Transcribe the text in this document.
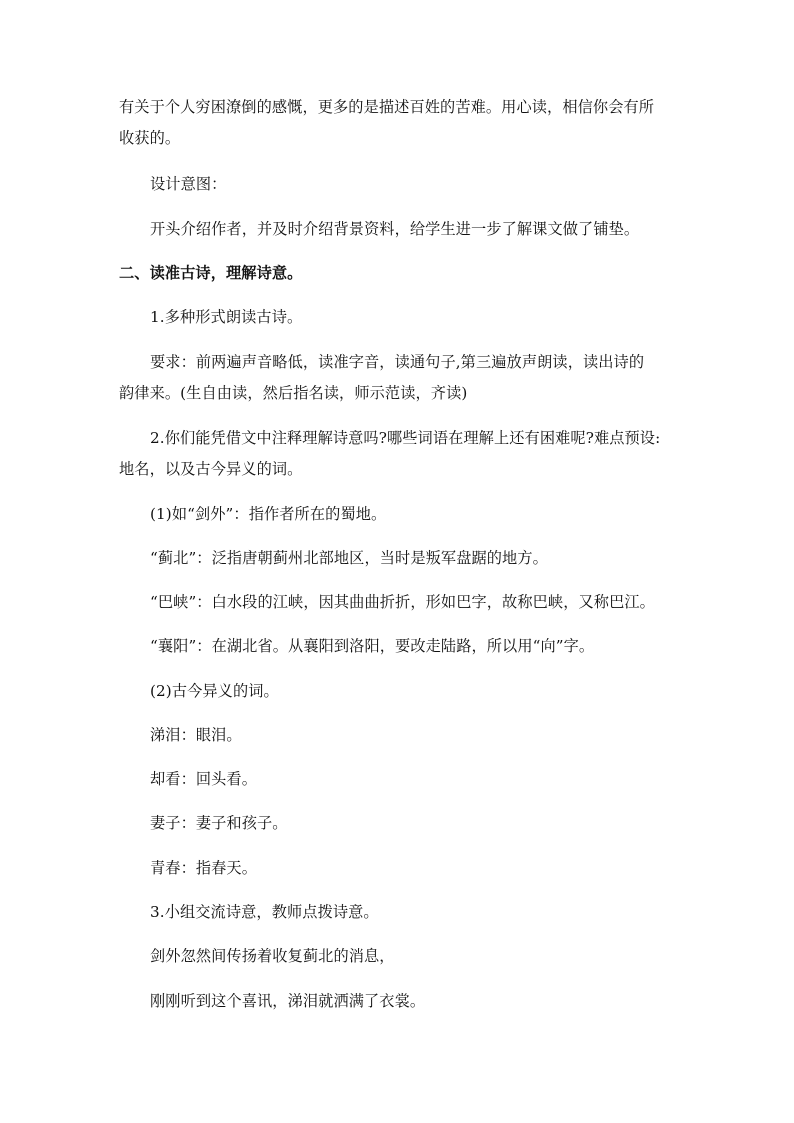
有关于个人穷困潦倒的感慨，更多的是描述百姓的苦难。用心读，相信你会有所
收获的。
设计意图：
开头介绍作者，并及时介绍背景资料，给学生进一步了解课文做了铺垫。
二、读准古诗，理解诗意。
1.多种形式朗读古诗。
要求：前两遍声音略低，读准字音，读通句子,第三遍放声朗读，读出诗的
韵律来。(生自由读，然后指名读，师示范读，齐读)
2.你们能凭借文中注释理解诗意吗?哪些词语在理解上还有困难呢?难点预设:
地名，以及古今异义的词。
(1)如“剑外”：指作者所在的蜀地。
“蓟北”：泛指唐朝蓟州北部地区，当时是叛军盘踞的地方。
“巴峡”：白水段的江峡，因其曲曲折折，形如巴字，故称巴峡，又称巴江。
“襄阳”：在湖北省。从襄阳到洛阳，要改走陆路，所以用“向”字。
(2)古今异义的词。
涕泪：眼泪。
却看：回头看。
妻子：妻子和孩子。
青春：指春天。
3.小组交流诗意，教师点拨诗意。
剑外忽然间传扬着收复蓟北的消息，
刚刚听到这个喜讯，涕泪就洒满了衣裳。
